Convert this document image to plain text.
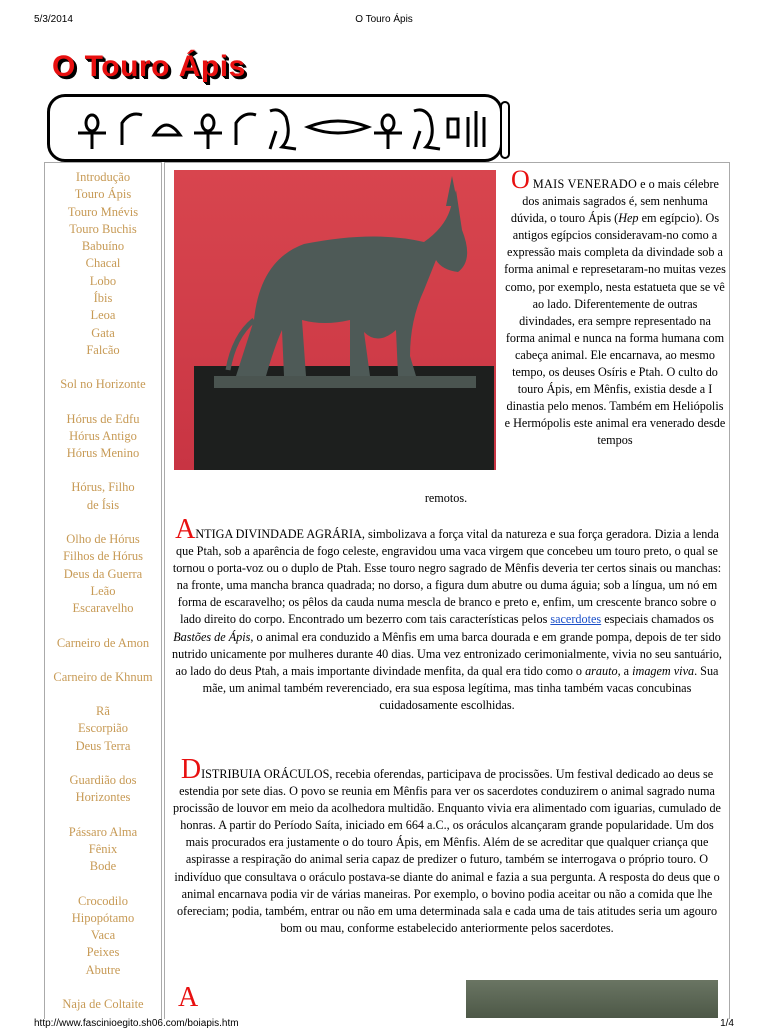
5/3/2014	O Touro Ápis
O Touro Ápis
Introdução
Touro Ápis
Touro Mnévis
Touro Buchis
Babuíno
Chacal
Lobo
Íbis
Leoa
Gata
Falcão
Sol no Horizonte
Hórus de Edfu
Hórus Antigo
Hórus Menino
Hórus, Filho
de Ísis
Olho de Hórus
Filhos de Hórus
Deus da Guerra
Leão
Escaravelho
Carneiro de Amon
Carneiro de Khnum
Rã
Escorpião
Deus Terra
Guardião dos
Horizontes
Pássaro Alma
Fênix
Bode
Crocodilo
Hipopótamo
Vaca
Peixes
Abutre
Naja de Coltaite
O MAIS VENERADO e o mais célebre dos animais sagrados é, sem nenhuma dúvida, o touro Ápis (Hep em egípcio). Os antigos egípcios consideravam-no como a expressão mais completa da divindade sob a forma animal e represetaram-no muitas vezes como, por exemplo, nesta estatueta que se vê ao lado. Diferentemente de outras divindades, era sempre representado na forma animal e nunca na forma humana com cabeça animal. Ele encarnava, ao mesmo tempo, os deuses Osíris e Ptah. O culto do touro Ápis, em Mênfis, existia desde a I dinastia pelo menos. Também em Heliópolis e Hermópolis este animal era venerado desde tempos
remotos.
ANTIGA DIVINDADE AGRÁRIA, simbolizava a força vital da natureza e sua força geradora. Dizia a lenda que Ptah, sob a aparência de fogo celeste, engravidou uma vaca virgem que concebeu um touro preto, o qual se tornou o porta-voz ou o duplo de Ptah. Esse touro negro sagrado de Mênfis deveria ter certos sinais ou manchas: na fronte, uma mancha branca quadrada; no dorso, a figura dum abutre ou duma águia; sob a língua, um nó em forma de escaravelho; os pêlos da cauda numa mescla de branco e preto e, enfim, um crescente branco sobre o lado direito do corpo. Encontrado um bezerro com tais características pelos sacerdotes especiais chamados os Bastões de Ápis, o animal era conduzido a Mênfis em uma barca dourada e em grande pompa, depois de ter sido nutrido unicamente por mulheres durante 40 dias. Uma vez entronizado cerimonialmente, vivia no seu santuário, ao lado do deus Ptah, a mais importante divindade menfita, da qual era tido como o arauto, a imagem viva. Sua mãe, um animal também reverenciado, era sua esposa legítima, mas tinha também vacas concubinas cuidadosamente escolhidas.
DISTRIBUIA ORÁCULOS, recebia oferendas, participava de procissões. Um festival dedicado ao deus se estendia por sete dias. O povo se reunia em Mênfis para ver os sacerdotes conduzirem o animal sagrado numa procissão de louvor em meio da acolhedora multidão. Enquanto vivia era alimentado com iguarias, cumulado de honras. A partir do Período Saíta, iniciado em 664 a.C., os oráculos alcançaram grande popularidade. Um dos mais procurados era justamente o do touro Ápis, em Mênfis. Além de se acreditar que qualquer criança que aspirasse a respiração do animal seria capaz de predizer o futuro, também se interrogava o próprio touro. O indivíduo que consultava o oráculo postava-se diante do animal e fazia a sua pergunta. A resposta do deus que o animal encarnava podia vir de várias maneiras. Por exemplo, o bovino podia aceitar ou não a comida que lhe ofereciam; podia, também, entrar ou não em uma determinada sala e cada uma de tais atitudes seria um agouro bom ou mau, conforme estabelecido anteriormente pelos sacerdotes.
A
http://www.fascinioegito.sh06.com/boiapis.htm	1/4
